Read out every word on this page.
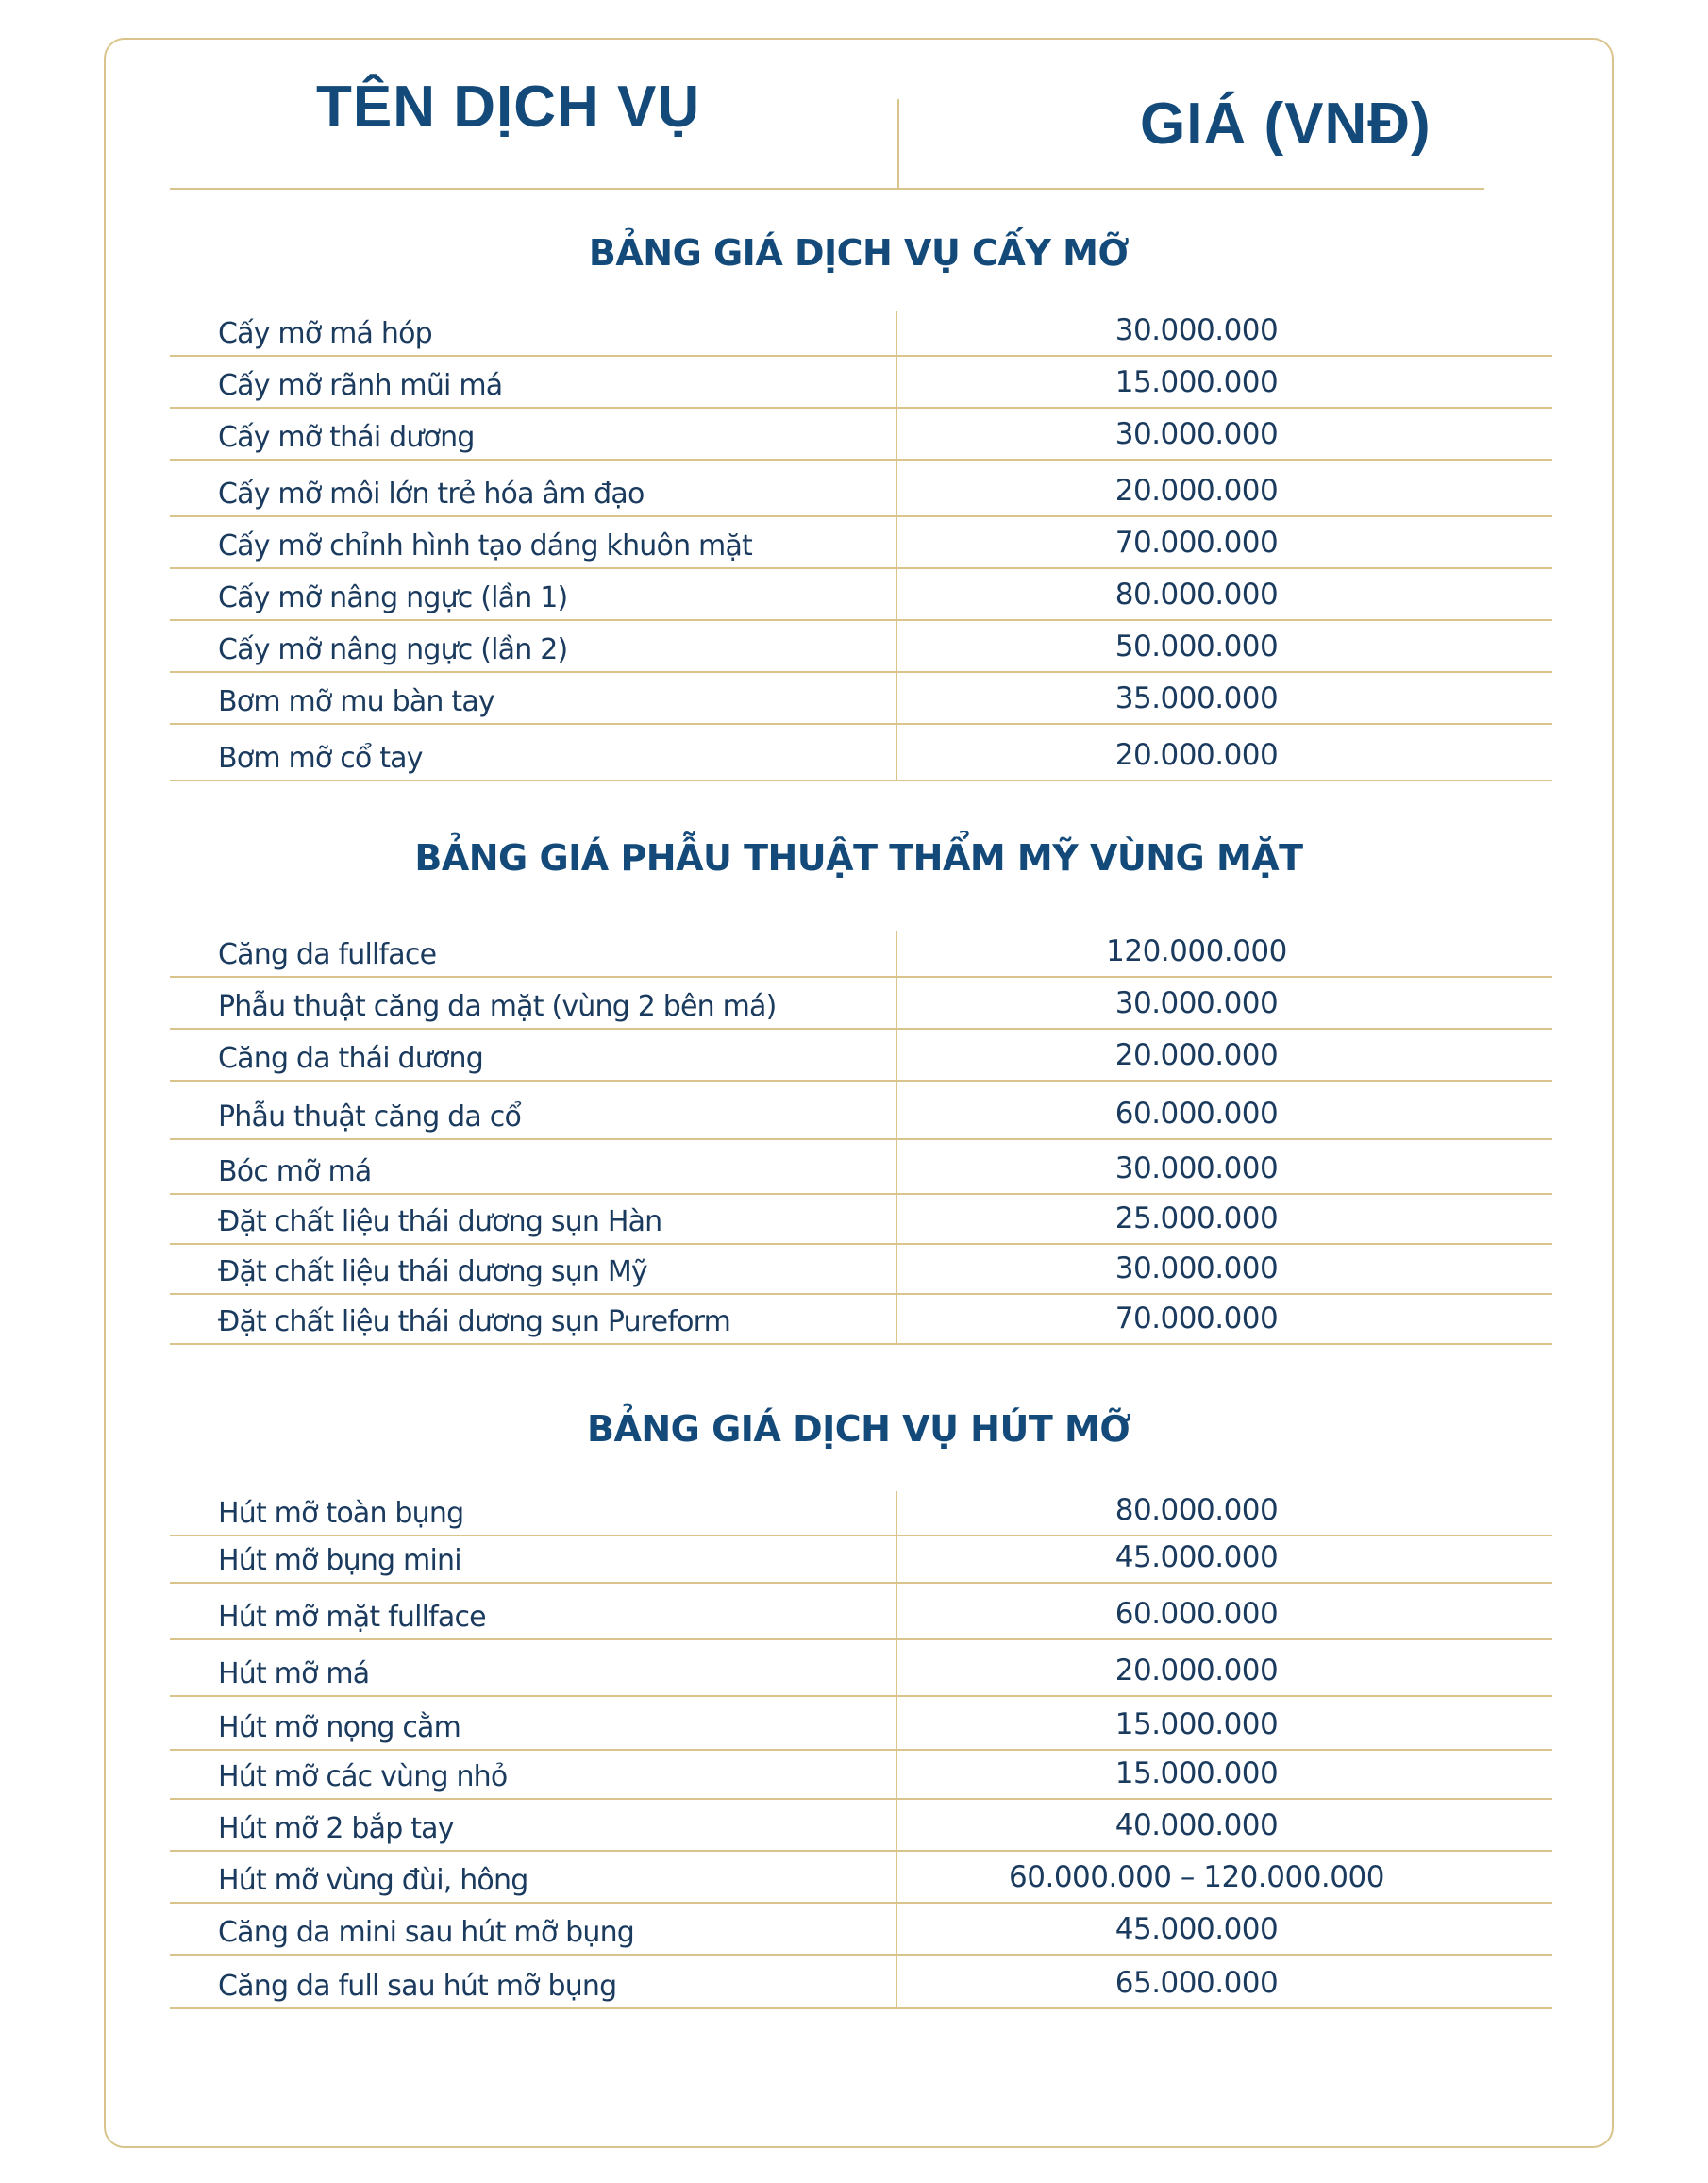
TÊN DỊCH VỤ	GIÁ (VNĐ)
BẢNG GIÁ DỊCH VỤ CẤY MỠ
Cấy mỡ má hóp	30.000.000
Cấy mỡ rãnh mũi má	15.000.000
Cấy mỡ thái dương	30.000.000
Cấy mỡ môi lớn trẻ hóa âm đạo	20.000.000
Cấy mỡ chỉnh hình tạo dáng khuôn mặt	70.000.000
Cấy mỡ nâng ngực (lần 1)	80.000.000
Cấy mỡ nâng ngực (lần 2)	50.000.000
Bơm mỡ mu bàn tay	35.000.000
Bơm mỡ cổ tay	20.000.000
BẢNG GIÁ PHẪU THUẬT THẨM MỸ VÙNG MẶT
Căng da fullface	120.000.000
Phẫu thuật căng da mặt (vùng 2 bên má)	30.000.000
Căng da thái dương	20.000.000
Phẫu thuật căng da cổ	60.000.000
Bóc mỡ má	30.000.000
Đặt chất liệu thái dương sụn Hàn	25.000.000
Đặt chất liệu thái dương sụn Mỹ	30.000.000
Đặt chất liệu thái dương sụn Pureform	70.000.000
BẢNG GIÁ DỊCH VỤ HÚT MỠ
Hút mỡ toàn bụng	80.000.000
Hút mỡ bụng mini	45.000.000
Hút mỡ mặt fullface	60.000.000
Hút mỡ má	20.000.000
Hút mỡ nọng cằm	15.000.000
Hút mỡ các vùng nhỏ	15.000.000
Hút mỡ 2 bắp tay	40.000.000
Hút mỡ vùng đùi, hông	60.000.000 – 120.000.000
Căng da mini sau hút mỡ bụng	45.000.000
Căng da full sau hút mỡ bụng	65.000.000
